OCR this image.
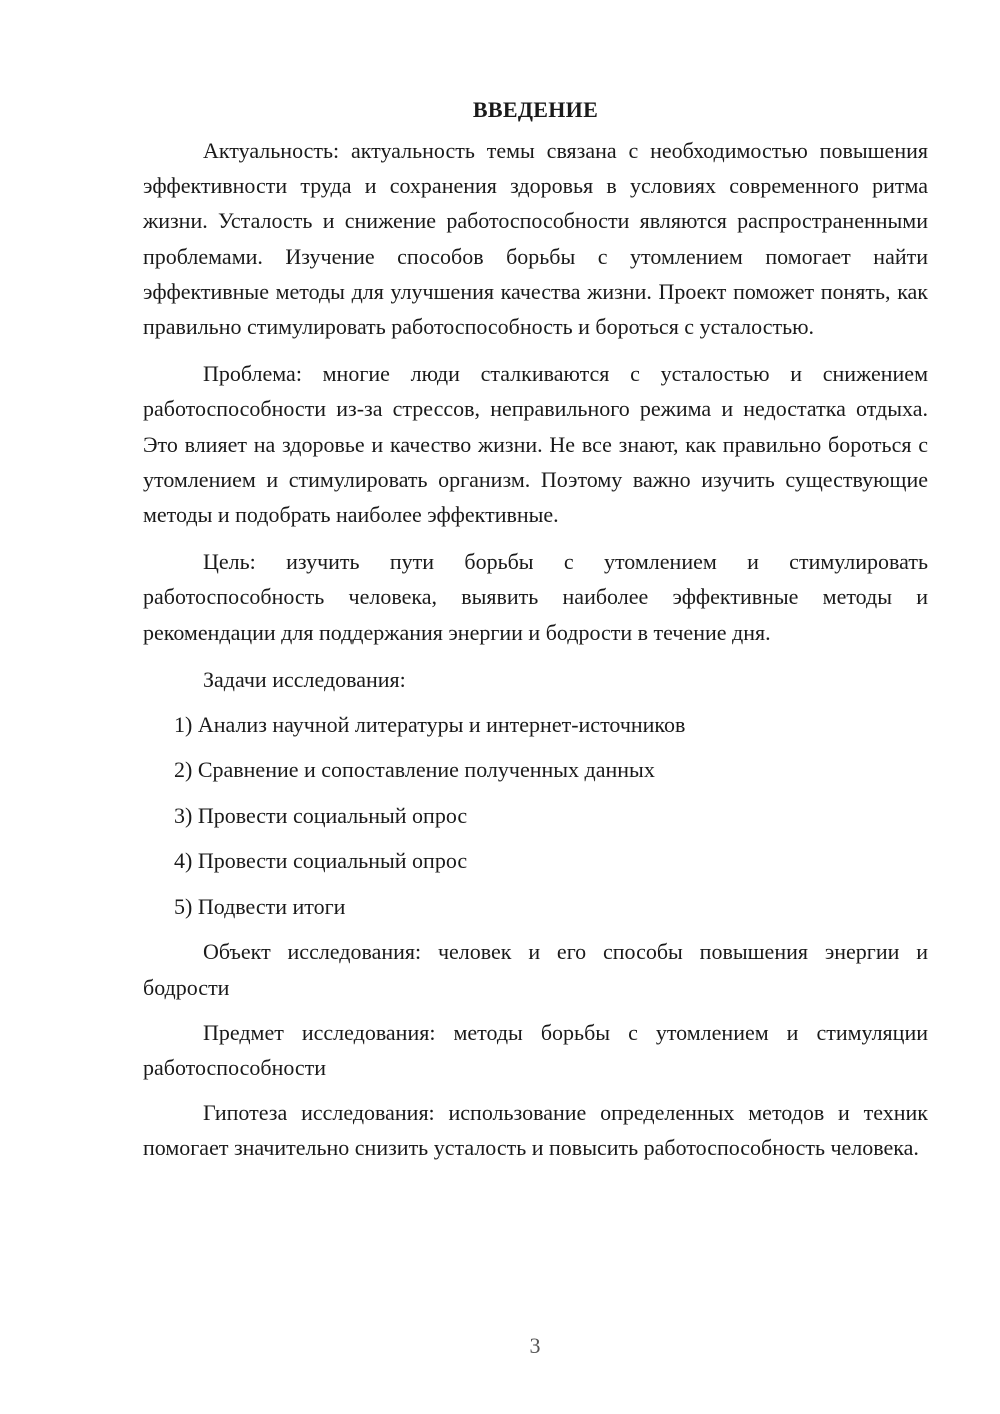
ВВЕДЕНИЕ

Актуальность: актуальность темы связана с необходимостью повышения эффективности труда и сохранения здоровья в условиях современного ритма жизни. Усталость и снижение работоспособности являются распространенными проблемами. Изучение способов борьбы с утомлением помогает найти эффективные методы для улучшения качества жизни. Проект поможет понять, как правильно стимулировать работоспособность и бороться с усталостью.

Проблема: многие люди сталкиваются с усталостью и снижением работоспособности из-за стрессов, неправильного режима и недостатка отдыха. Это влияет на здоровье и качество жизни. Не все знают, как правильно бороться с утомлением и стимулировать организм. Поэтому важно изучить существующие методы и подобрать наиболее эффективные.

Цель: изучить пути борьбы с утомлением и стимулировать работоспособность человека, выявить наиболее эффективные методы и рекомендации для поддержания энергии и бодрости в течение дня.

Задачи исследования:
1) Анализ научной литературы и интернет-источников
2) Сравнение и сопоставление полученных данных
3) Провести социальный опрос
4) Провести социальный опрос
5) Подвести итоги

Объект исследования: человек и его способы повышения энергии и бодрости

Предмет исследования: методы борьбы с утомлением и стимуляции работоспособности

Гипотеза исследования: использование определенных методов и техник помогает значительно снизить усталость и повысить работоспособность человека.

3
